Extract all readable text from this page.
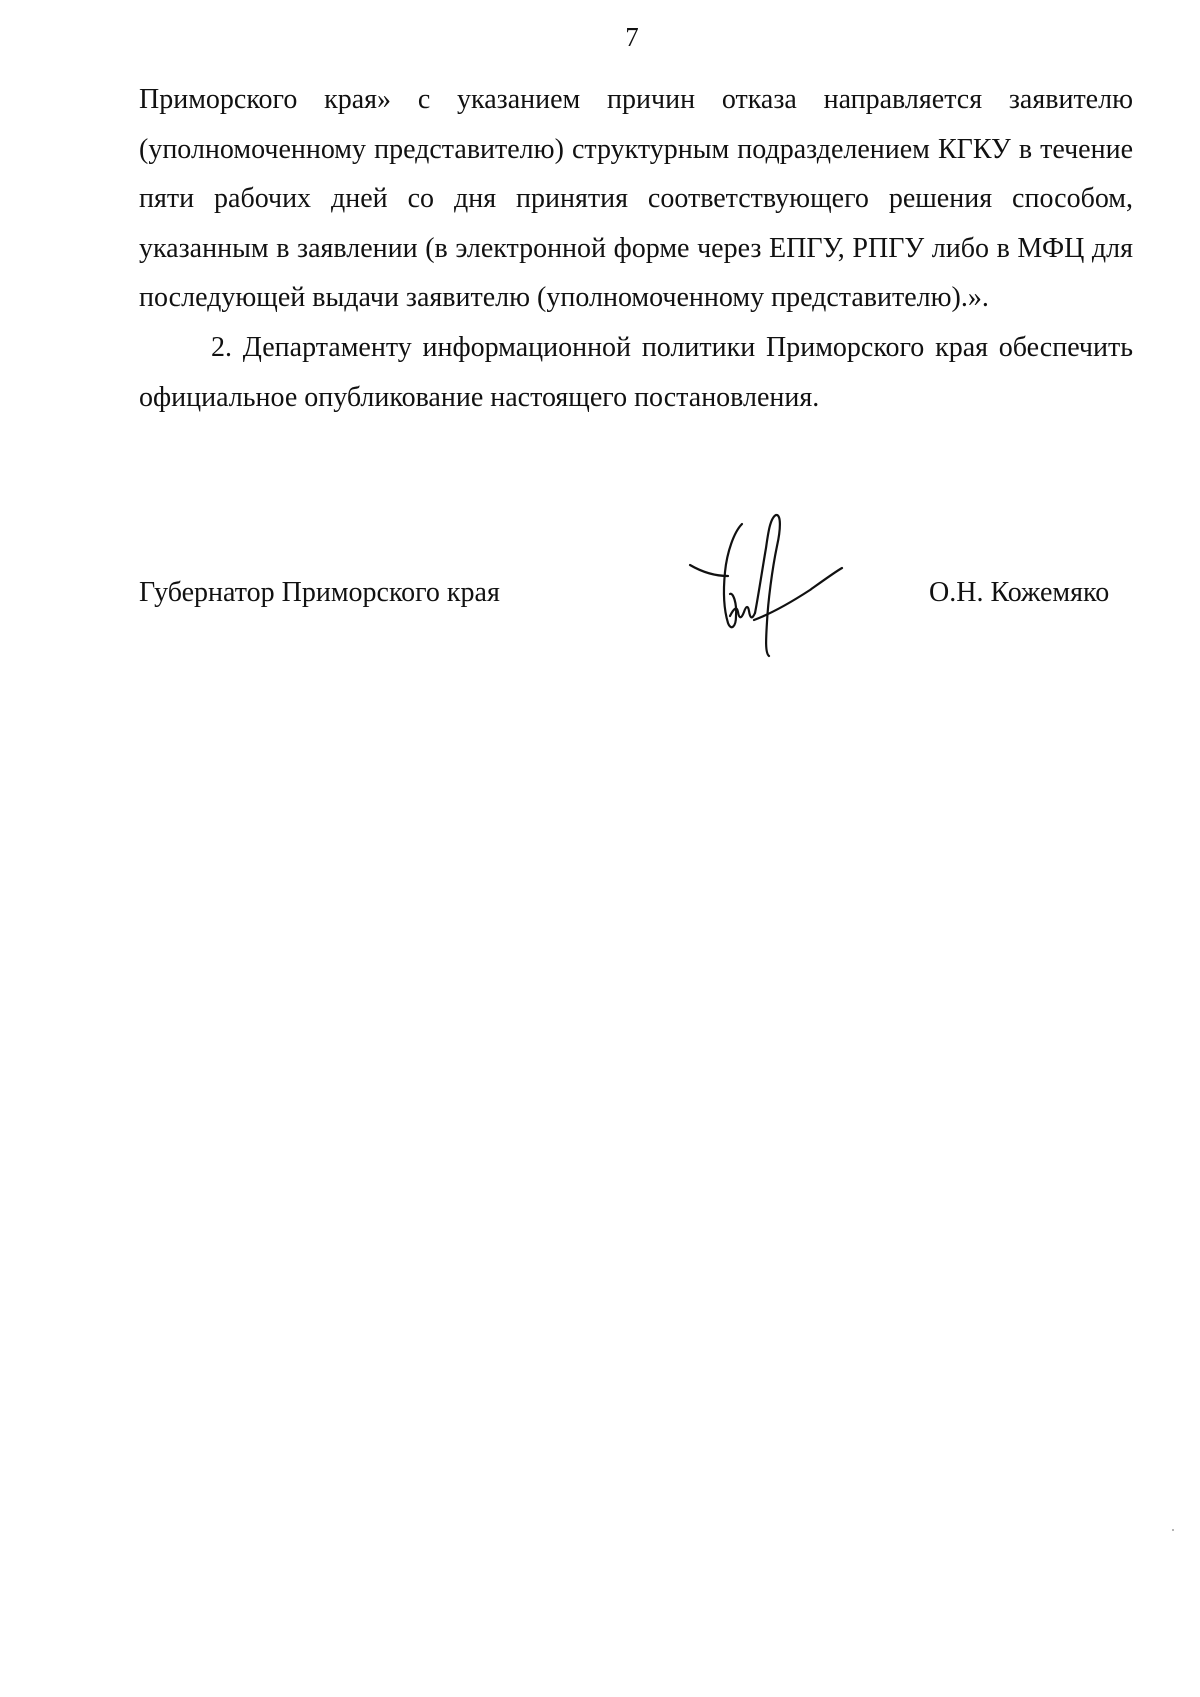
7

Приморского края» с указанием причин отказа направляется заявителю (уполномоченному представителю) структурным подразделением КГКУ в течение пяти рабочих дней со дня принятия соответствующего решения способом, указанным в заявлении (в электронной форме через ЕПГУ, РПГУ либо в МФЦ для последующей выдачи заявителю (уполномоченному представителю).».

2. Департаменту информационной политики Приморского края обеспечить официальное опубликование настоящего постановления.

Губернатор Приморского края	О.Н. Кожемяко
